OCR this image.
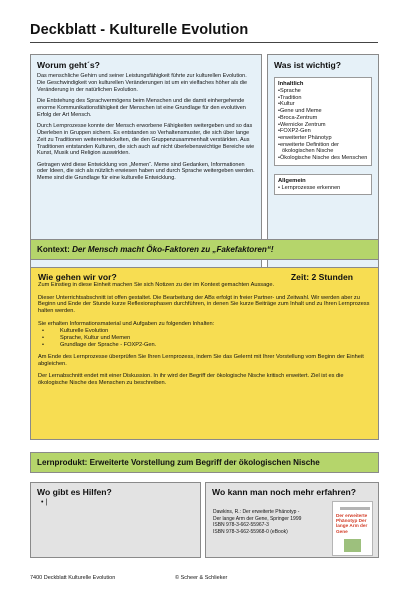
Deckblatt - Kulturelle Evolution
Worum geht´s?
Das menschliche Gehirn und seiner Leistungsfähigkeit führte zur kulturellen Evolution. Die Geschwindigkeit von kulturellen Veränderungen ist um ein vielfaches höher als die Veränderung in der natürlichen Evolution.
Die Entstehung des Sprachvermögens beim Menschen und die damit einhergehende enorme Kommunikationsfähigkeit der Menschen ist eine Grundlage für den evolutiven Erfolg der Art Mensch.
Durch Lernprozesse konnte der Mensch erworbene Fähigkeiten weitergeben und so das Überleben in Gruppen sichern. Es entstanden so Verhaltensmuster, die sich über lange Zeit zu Traditionen weiterentwickelten, die den Gruppenzusammenhalt verstärkten. Aus Traditionen entstanden Kulturen, die sich auch auf nicht überlebenswichtige Bereiche wie Kunst, Musik und Religion auswirkten.
Getragen wird diese Entwicklung von „Memen“. Meme sind Gedanken, Informationen oder Ideen, die sich als nützlich erwiesen haben und durch Sprache weitergeben werden. Meme sind die Grundlage für eine kulturelle Entwicklung.
Was ist wichtig?
Inhaltlich
•Sprache
•Tradition
•Kultur
•Gene und Meme
•Broca-Zentrum
•Wernicke Zentrum
•FOXP2-Gen
•erweiterter Phänotyp
•erweiterte Definition der ökologischen Nische
•Ökologische Nische des Menschen
Allgemein
• Lernprozesse erkennen
Kontext: Der Mensch macht Öko-Faktoren zu „Fakefaktoren“!
Wie gehen wir vor?	Zeit: 2 Stunden
Zum Einstieg in diese Einheit machen Sie sich Notizen zu der im Kontext gemachten Aussage.
Dieser Unterrichtsabschnitt ist offen gestaltet. Die Bearbeitung der ABs erfolgt in freier Partner- und Zeitwahl. Wir werden aber zu Beginn und Ende der Stunde kurze Reflexionsphasen durchführen, in denen Sie kurze Beiträge zum Inhalt und zu Ihren Lernprozess halten werden.
Sie erhalten Informationsmaterial und Aufgaben zu folgenden Inhalten:
•	Kulturelle Evolution
•	Sprache, Kultur und Memen
•	Grundlage der Sprache - FOXP2-Gen.
Am Ende des Lernprozesse überprüfen Sie Ihren Lernprozess, indem Sie das Gelernt mit Ihrer Vorstellung vom Beginn der Einheit abgleichen.
Der Lernabschnitt endet mit einer Diskussion. In ihr wird der Begriff der ökologische Nische kritisch erweitert. Ziel ist es die ökologische Nische des Menschen zu beschreiben.
Lernprodukt: Erweiterte Vorstellung zum Begriff der ökologischen Nische
Wo gibt es Hilfen?
• |
Wo kann man noch mehr erfahren?
Dawkins, R.: Der erweiterte Phänotyp -
Der lange Arm der Gene, Springer 1999
ISBN 978-3-662-55967-3
ISBN 978-3-662-55968-0 (eBook)
Der erweiterte Phänotyp Der lange Arm der Gene
7400 Deckblatt Kulturelle Evolution	© Scheer & Schlieker
